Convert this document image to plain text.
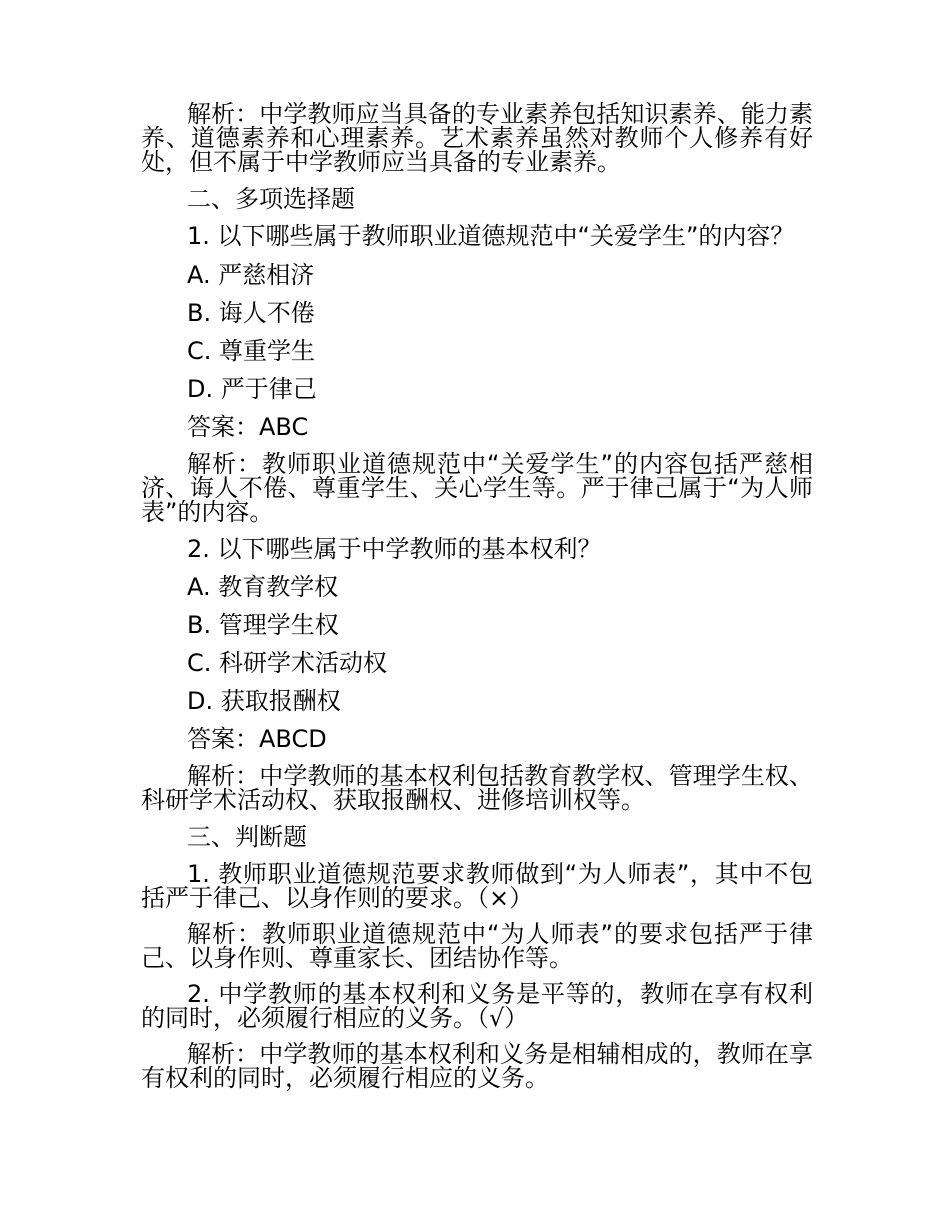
解析：中学教师应当具备的专业素养包括知识素养、能力素养、道德素养和心理素养。艺术素养虽然对教师个人修养有好处，但不属于中学教师应当具备的专业素养。

二、多项选择题

1. 以下哪些属于教师职业道德规范中“关爱学生”的内容？

A. 严慈相济

B. 诲人不倦

C. 尊重学生

D. 严于律己

答案：ABC

解析：教师职业道德规范中“关爱学生”的内容包括严慈相济、诲人不倦、尊重学生、关心学生等。严于律己属于“为人师表”的内容。

2. 以下哪些属于中学教师的基本权利？

A. 教育教学权

B. 管理学生权

C. 科研学术活动权

D. 获取报酬权

答案：ABCD

解析：中学教师的基本权利包括教育教学权、管理学生权、科研学术活动权、获取报酬权、进修培训权等。

三、判断题

1. 教师职业道德规范要求教师做到“为人师表”，其中不包括严于律己、以身作则的要求。（×）

解析：教师职业道德规范中“为人师表”的要求包括严于律己、以身作则、尊重家长、团结协作等。

2. 中学教师的基本权利和义务是平等的，教师在享有权利的同时，必须履行相应的义务。（√）

解析：中学教师的基本权利和义务是相辅相成的，教师在享有权利的同时，必须履行相应的义务。
